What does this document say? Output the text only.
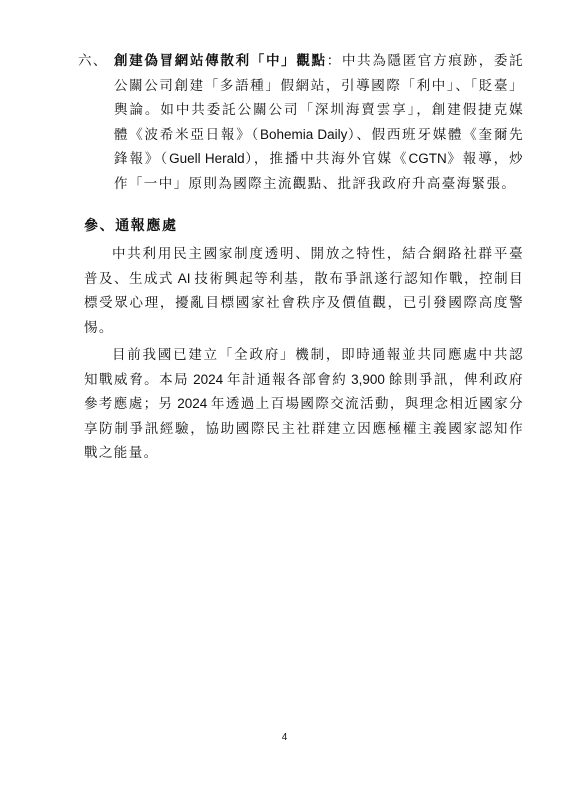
六、 創建偽冒網站傳散利「中」觀點：中共為隱匿官方痕跡，委託公關公司創建「多語種」假網站，引導國際「利中」、「貶臺」輿論。如中共委託公關公司「深圳海賣雲享」，創建假捷克媒體《波希米亞日報》（Bohemia Daily）、假西班牙媒體《奎爾先鋒報》（Guell Herald），推播中共海外官媒《CGTN》報導，炒作「一中」原則為國際主流觀點、批評我政府升高臺海緊張。
參、通報應處
中共利用民主國家制度透明、開放之特性，結合網路社群平臺普及、生成式 AI 技術興起等利基，散布爭訊遂行認知作戰，控制目標受眾心理，擾亂目標國家社會秩序及價值觀，已引發國際高度警惕。
目前我國已建立「全政府」機制，即時通報並共同應處中共認知戰威脅。本局 2024 年計通報各部會約 3,900 餘則爭訊，俾利政府參考應處；另 2024 年透過上百場國際交流活動，與理念相近國家分享防制爭訊經驗，協助國際民主社群建立因應極權主義國家認知作戰之能量。
4
